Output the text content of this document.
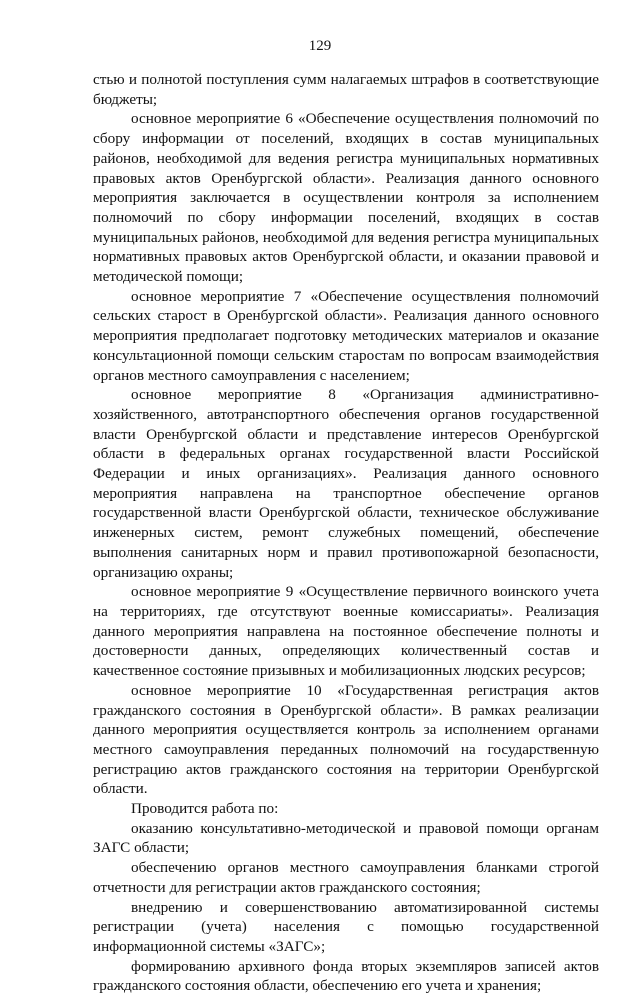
129

стью и полнотой поступления сумм налагаемых штрафов в соответствующие бюджеты;

основное мероприятие 6 «Обеспечение осуществления полномочий по сбору информации от поселений, входящих в состав муниципальных районов, необходимой для ведения регистра муниципальных нормативных правовых актов Оренбургской области». Реализация данного основного мероприятия заключается в осуществлении контроля за исполнением полномочий по сбору информации поселений, входящих в состав муниципальных районов, необходимой для ведения регистра муниципальных нормативных правовых актов Оренбургской области, и оказании правовой и методической помощи;

основное мероприятие 7 «Обеспечение осуществления полномочий сельских старост в Оренбургской области». Реализация данного основного мероприятия предполагает подготовку методических материалов и оказание консультационной помощи сельским старостам по вопросам взаимодействия органов местного самоуправления с населением;

основное мероприятие 8 «Организация административно-хозяйственного, автотранспортного обеспечения органов государственной власти Оренбургской области и представление интересов Оренбургской области в федеральных органах государственной власти Российской Федерации и иных организациях». Реализация данного основного мероприятия направлена на транспортное обеспечение органов государственной власти Оренбургской области, техническое обслуживание инженерных систем, ремонт служебных помещений, обеспечение выполнения санитарных норм и правил противопожарной безопасности, организацию охраны;

основное мероприятие 9 «Осуществление первичного воинского учета на территориях, где отсутствуют военные комиссариаты». Реализация данного мероприятия направлена на постоянное обеспечение полноты и достоверности данных, определяющих количественный состав и качественное состояние призывных и мобилизационных людских ресурсов;

основное мероприятие 10 «Государственная регистрация актов гражданского состояния в Оренбургской области». В рамках реализации данного мероприятия осуществляется контроль за исполнением органами местного самоуправления переданных полномочий на государственную регистрацию актов гражданского состояния на территории Оренбургской области.

Проводится работа по:

оказанию консультативно-методической и правовой помощи органам ЗАГС области;

обеспечению органов местного самоуправления бланками строгой отчетности для регистрации актов гражданского состояния;

внедрению и совершенствованию автоматизированной системы регистрации (учета) населения с помощью государственной информационной системы «ЗАГС»;

формированию архивного фонда вторых экземпляров записей актов гражданского состояния области, обеспечению его учета и хранения;
